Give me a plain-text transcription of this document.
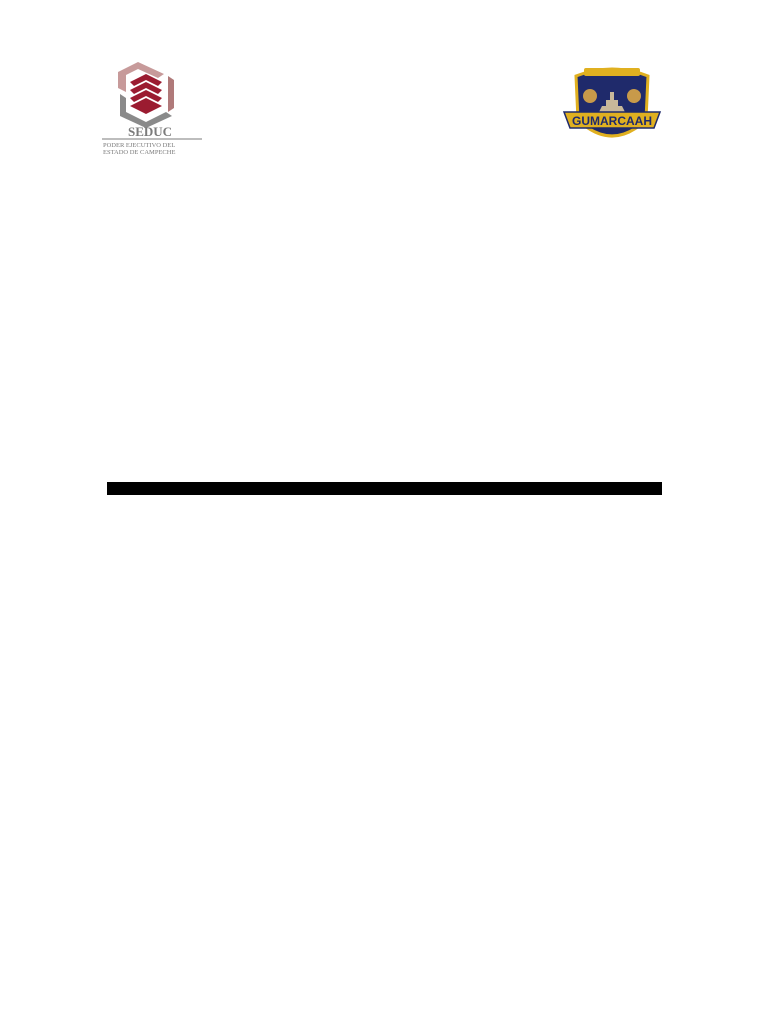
SEDUC
PODER EJECUTIVO DEL
ESTADO DE CAMPECHE
GUMARCAAH
